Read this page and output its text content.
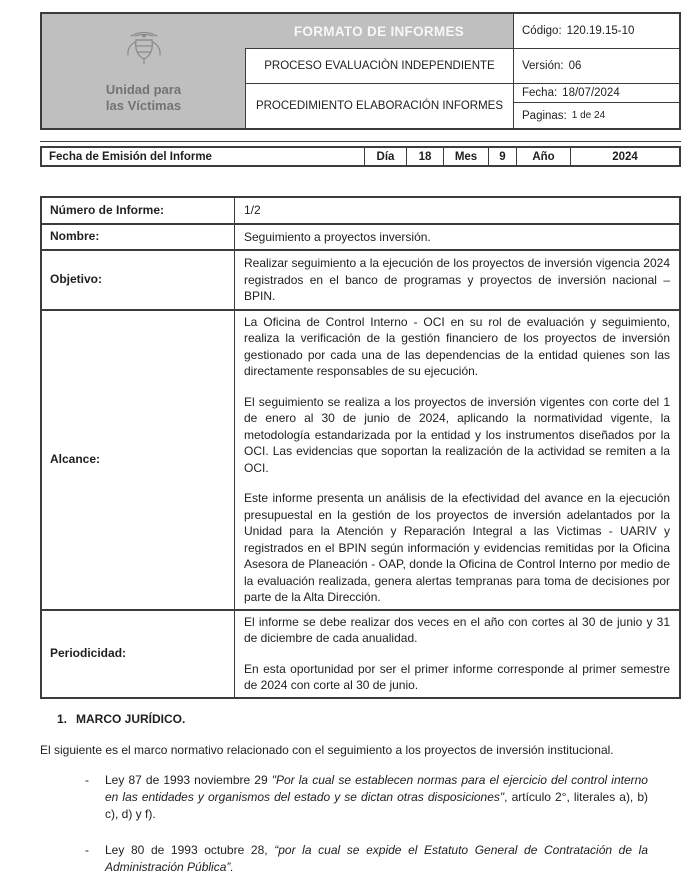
Unidad para
las Víctimas
FORMATO DE INFORMES	Código: 120.19.15-10
PROCESO EVALUACIÒN INDEPENDIENTE	Versión: 06
PROCEDIMIENTO ELABORACIÓN INFORMES
Fecha: 18/07/2024
Paginas: 1 de 24
Fecha de Emisión del Informe	Día	18	Mes	9	Año	2024
Número de Informe:	1/2
Nombre:	Seguimiento a proyectos inversión.
Objetivo:
Realizar seguimiento a la ejecución de los proyectos de inversión vigencia 2024 registrados en el banco de programas y proyectos de inversión nacional – BPIN.
Alcance:

La Oficina de Control Interno - OCI en su rol de evaluación y seguimiento, realiza la verificación de la gestión financiero de los proyectos de inversión gestionado por cada una de las dependencias de la entidad quienes son las directamente responsables de su ejecución.

El seguimiento se realiza a los proyectos de inversión vigentes con corte del 1 de enero al 30 de junio de 2024, aplicando la normatividad vigente, la metodología estandarizada por la entidad y los instrumentos diseñados por la OCI. Las evidencias que soportan la realización de la actividad se remiten a la OCI.

Este informe presenta un análisis de la efectividad del avance en la ejecución presupuestal en la gestión de los proyectos de inversión adelantados por la Unidad para la Atención y Reparación Integral a las Victimas - UARIV y registrados en el BPIN según información y evidencias remitidas por la Oficina Asesora de Planeación - OAP, donde la Oficina de Control Interno por medio de la evaluación realizada, genera alertas tempranas para toma de decisiones por parte de la Alta Dirección.

Periodicidad:

El informe se debe realizar dos veces en el año con cortes al 30 de junio y 31 de diciembre de cada anualidad.

En esta oportunidad por ser el primer informe corresponde al primer semestre de 2024 con corte al 30 de junio.

1. MARCO JURÍDICO.
El siguiente es el marco normativo relacionado con el seguimiento a los proyectos de inversión institucional.
-	Ley 87 de 1993 noviembre 29 "Por la cual se establecen normas para el ejercicio del control interno en las entidades y organismos del estado y se dictan otras disposiciones", artículo 2°, literales a), b) c), d) y f).
-	Ley 80 de 1993 octubre 28, “por la cual se expide el Estatuto General de Contratación de la Administración Pública”.
